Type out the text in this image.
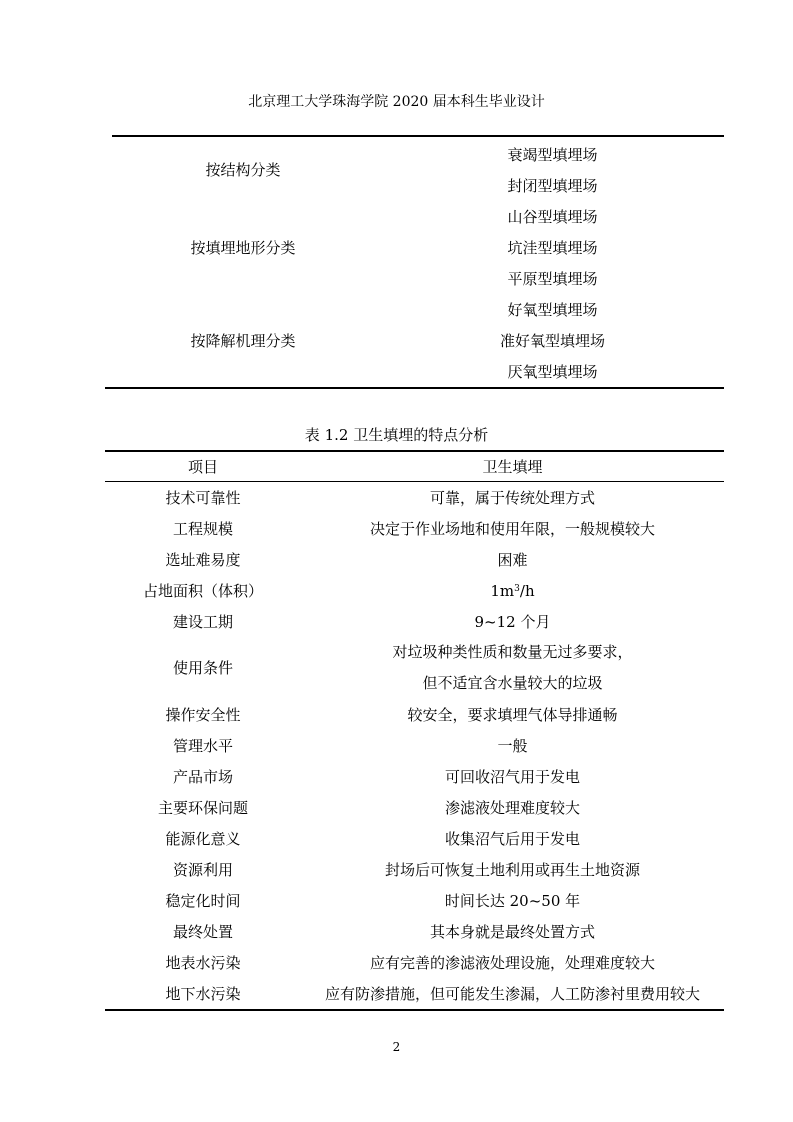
北京理工大学珠海学院 2020 届本科生毕业设计
按结构分类	衰竭型填埋场
	封闭型填埋场
按填埋地形分类	山谷型填埋场
	坑洼型填埋场
	平原型填埋场
按降解机理分类	好氧型填埋场
	准好氧型填埋场
	厌氧型填埋场
表 1.2 卫生填埋的特点分析
项目	卫生填埋
技术可靠性	可靠，属于传统处理方式
工程规模	决定于作业场地和使用年限，一般规模较大
选址难易度	困难
占地面积（体积）	$1m^3/h$
建设工期	9~12 个月
使用条件	对垃圾种类性质和数量无过多要求，
但不适宜含水量较大的垃圾

操作安全性	较安全，要求填埋气体导排通畅
管理水平	一般
产品市场	可回收沼气用于发电
主要环保问题	渗滤液处理难度较大
能源化意义	收集沼气后用于发电
资源利用	封场后可恢复土地利用或再生土地资源
稳定化时间	时间长达 20~50 年
最终处置	其本身就是最终处置方式
地表水污染	应有完善的渗滤液处理设施，处理难度较大
地下水污染	应有防渗措施，但可能发生渗漏，人工防渗衬里费用较大
2
